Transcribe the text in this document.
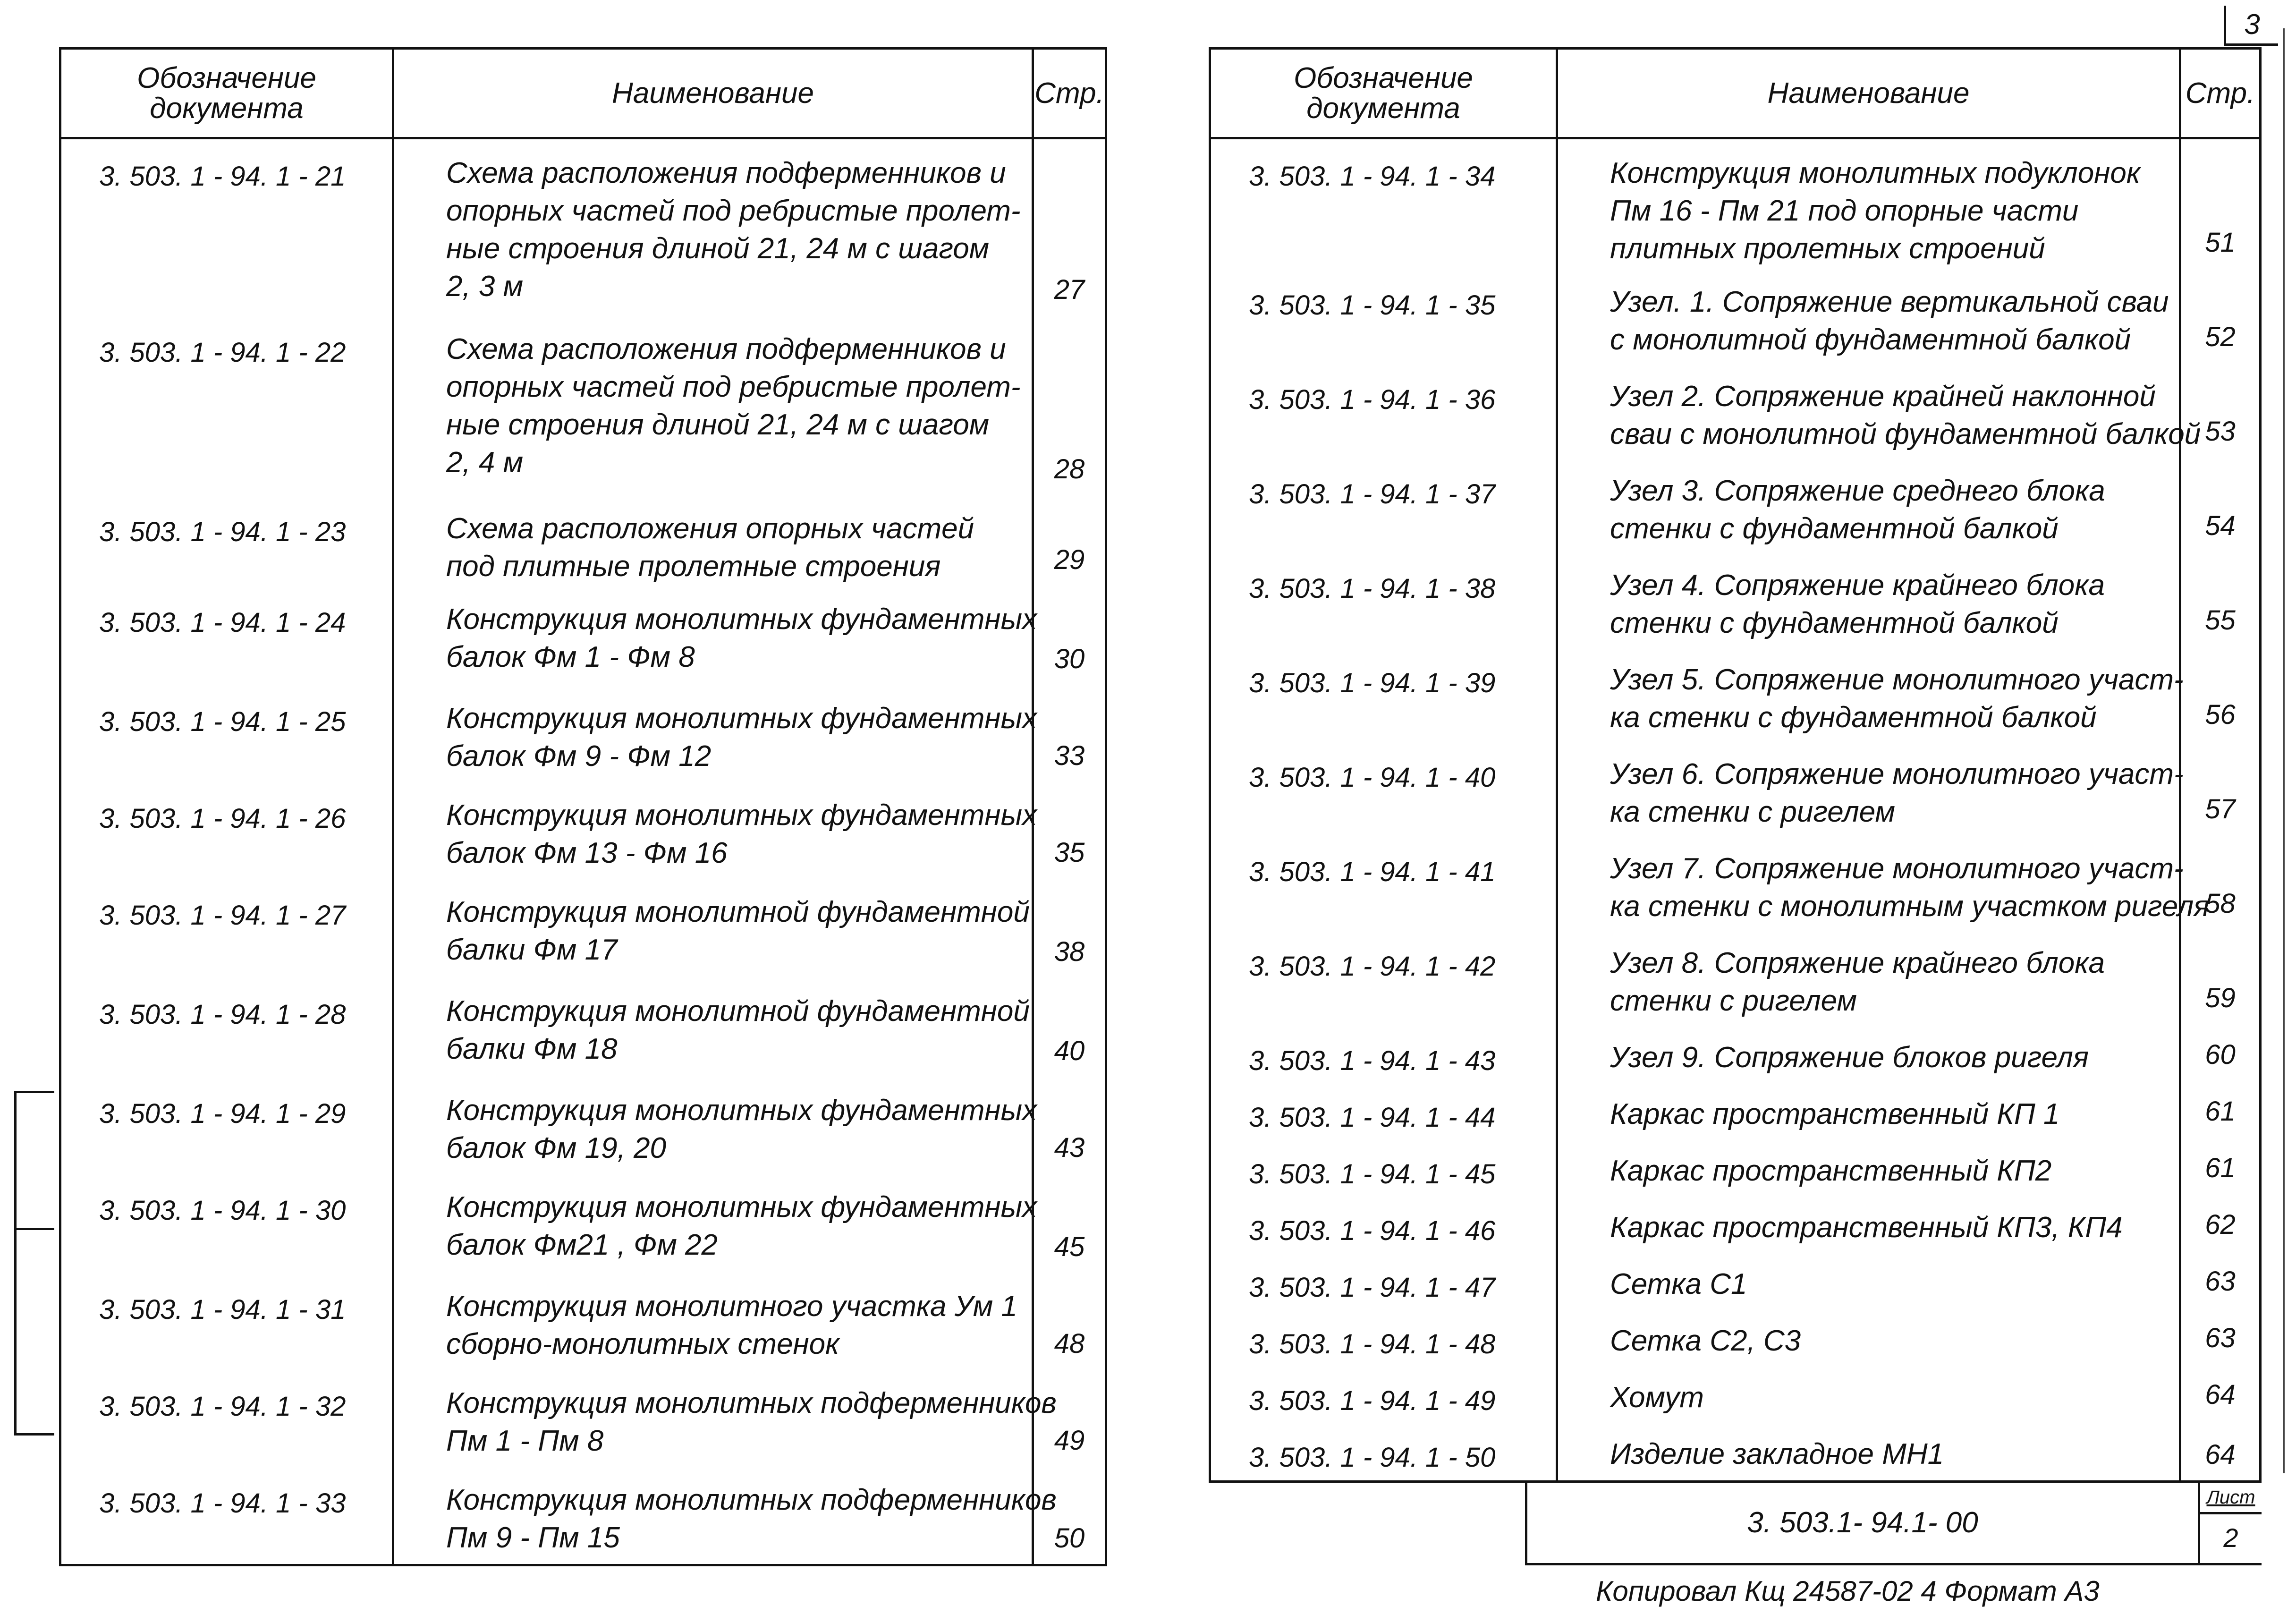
3
Обозначение
документа	Наименование	Стр.
3. 503. 1 - 94. 1 - 21	Схема расположения подферменников и
опорных частей под ребристые пролет-
ные строения длиной 21, 24 м с шагом
2, 3 м	27
3. 503. 1 - 94. 1 - 22	Схема расположения подферменников и
опорных частей под ребристые пролет-
ные строения длиной 21, 24 м с шагом
2, 4 м	28
3. 503. 1 - 94. 1 - 23	Схема расположения опорных частей
под плитные пролетные строения	29
3. 503. 1 - 94. 1 - 24	Конструкция монолитных фундаментных
балок Фм 1 - Фм 8	30
3. 503. 1 - 94. 1 - 25	Конструкция монолитных фундаментных
балок Фм 9 - Фм 12	33
3. 503. 1 - 94. 1 - 26	Конструкция монолитных фундаментных
балок Фм 13 - Фм 16	35
3. 503. 1 - 94. 1 - 27	Конструкция монолитной фундаментной
балки Фм 17	38
3. 503. 1 - 94. 1 - 28	Конструкция монолитной фундаментной
балки Фм 18	40
3. 503. 1 - 94. 1 - 29	Конструкция монолитных фундаментных
балок Фм 19, 20	43
3. 503. 1 - 94. 1 - 30	Конструкция монолитных фундаментных
балок Фм21 , Фм 22	45
3. 503. 1 - 94. 1 - 31	Конструкция монолитного участка Ум 1
сборно-монолитных стенок	48
3. 503. 1 - 94. 1 - 32	Конструкция монолитных подферменников
Пм 1 - Пм 8	49
3. 503. 1 - 94. 1 - 33	Конструкция монолитных подферменников
Пм 9 - Пм 15	50
Обозначение
документа	Наименование	Стр.
3. 503. 1 - 94. 1 - 34	Конструкция монолитных подуклонок
Пм 16 - Пм 21 под опорные части
плитных пролетных строений	51
3. 503. 1 - 94. 1 - 35	Узел. 1. Сопряжение вертикальной сваи
с монолитной фундаментной балкой	52
3. 503. 1 - 94. 1 - 36	Узел 2. Сопряжение крайней наклонной
сваи с монолитной фундаментной балкой	53
3. 503. 1 - 94. 1 - 37	Узел 3. Сопряжение среднего блока
стенки с фундаментной балкой	54
3. 503. 1 - 94. 1 - 38	Узел 4. Сопряжение крайнего блока
стенки с фундаментной балкой	55
3. 503. 1 - 94. 1 - 39	Узел 5. Сопряжение монолитного участ-
ка стенки с фундаментной балкой	56
3. 503. 1 - 94. 1 - 40	Узел 6. Сопряжение монолитного участ-
ка стенки с ригелем	57
3. 503. 1 - 94. 1 - 41	Узел 7. Сопряжение монолитного участ-
ка стенки с монолитным участком ригеля	58
3. 503. 1 - 94. 1 - 42	Узел 8. Сопряжение крайнего блока
стенки с ригелем	59
3. 503. 1 - 94. 1 - 43	Узел 9. Сопряжение блоков ригеля	60
3. 503. 1 - 94. 1 - 44	Каркас пространственный КП 1	61
3. 503. 1 - 94. 1 - 45	Каркас пространственный КП2	61
3. 503. 1 - 94. 1 - 46	Каркас пространственный КП3, КП4	62
3. 503. 1 - 94. 1 - 47	Сетка С1	63
3. 503. 1 - 94. 1 - 48	Сетка С2, С3	63
3. 503. 1 - 94. 1 - 49	Хомут	64
3. 503. 1 - 94. 1 - 50	Изделие закладное МН1	64
3. 503.1- 94.1- 00
Лист
2
Копировал Кщ 24587-02 4 Формат А3
